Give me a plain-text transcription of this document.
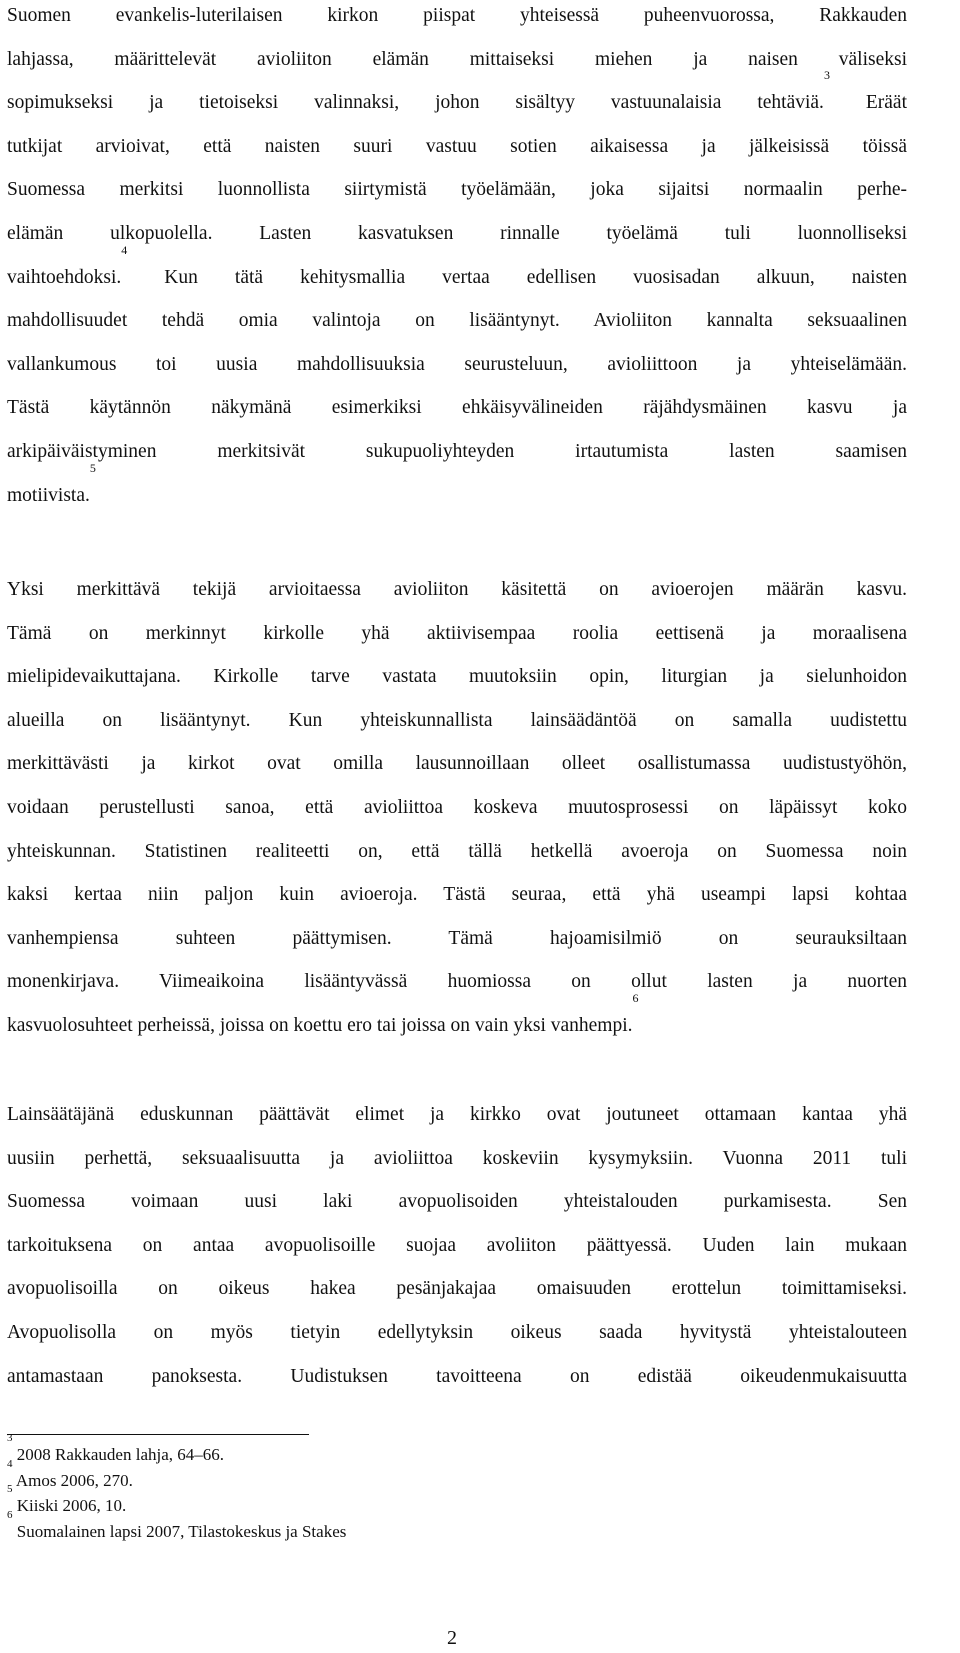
Suomen evankelis-luterilaisen kirkon piispat yhteisessä puheenvuorossa, Rakkauden
lahjassa, määrittelevät avioliiton elämän mittaiseksi miehen ja naisen väliseksi
sopimukseksi ja tietoiseksi valinnaksi, johon sisältyy vastuunalaisia tehtäviä.$^3$ Eräät
tutkijat arvioivat, että naisten suuri vastuu sotien aikaisessa ja jälkeisissä töissä
Suomessa merkitsi luonnollista siirtymistä työelämään, joka sijaitsi normaalin perhe-
elämän ulkopuolella. Lasten kasvatuksen rinnalle työelämä tuli luonnolliseksi
vaihtoehdoksi.$^4$ Kun tätä kehitysmallia vertaa edellisen vuosisadan alkuun, naisten
mahdollisuudet tehdä omia valintoja on lisääntynyt. Avioliiton kannalta seksuaalinen
vallankumous toi uusia mahdollisuuksia seurusteluun, avioliittoon ja yhteiselämään.
Tästä käytännön näkymänä esimerkiksi ehkäisyvälineiden räjähdysmäinen kasvu ja
arkipäiväistyminen merkitsivät sukupuoliyhteyden irtautumista lasten saamisen
motiivista.$^5$
Yksi merkittävä tekijä arvioitaessa avioliiton käsitettä on avioerojen määrän kasvu.
Tämä on merkinnyt kirkolle yhä aktiivisempaa roolia eettisenä ja moraalisena
mielipidevaikuttajana. Kirkolle tarve vastata muutoksiin opin, liturgian ja sielunhoidon
alueilla on lisääntynyt. Kun yhteiskunnallista lainsäädäntöä on samalla uudistettu
merkittävästi ja kirkot ovat omilla lausunnoillaan olleet osallistumassa uudistustyöhön,
voidaan perustellusti sanoa, että avioliittoa koskeva muutosprosessi on läpäissyt koko
yhteiskunnan. Statistinen realiteetti on, että tällä hetkellä avoeroja on Suomessa noin
kaksi kertaa niin paljon kuin avioeroja. Tästä seuraa, että yhä useampi lapsi kohtaa
vanhempiensa suhteen päättymisen. Tämä hajoamisilmiö on seurauksiltaan
monenkirjava. Viimeaikoina lisääntyvässä huomiossa on ollut lasten ja nuorten
kasvuolosuhteet perheissä, joissa on koettu ero tai joissa on vain yksi vanhempi.$^6$
Lainsäätäjänä eduskunnan päättävät elimet ja kirkko ovat joutuneet ottamaan kantaa yhä
uusiin perhettä, seksuaalisuutta ja avioliittoa koskeviin kysymyksiin. Vuonna 2011 tuli
Suomessa voimaan uusi laki avopuolisoiden yhteistalouden purkamisesta. Sen
tarkoituksena on antaa avopuolisoille suojaa avoliiton päättyessä. Uuden lain mukaan
avopuolisoilla on oikeus hakea pesänjakajaa omaisuuden erottelun toimittamiseksi.
Avopuolisolla on myös tietyin edellytyksin oikeus saada hyvitystä yhteistalouteen
antamastaan panoksesta. Uudistuksen tavoitteena on edistää oikeudenmukaisuutta
$^3$ 2008 Rakkauden lahja, 64–66.
$^4$ Amos 2006, 270.
$^5$ Kiiski 2006, 10.
$^6$ Suomalainen lapsi 2007, Tilastokeskus ja Stakes
2
